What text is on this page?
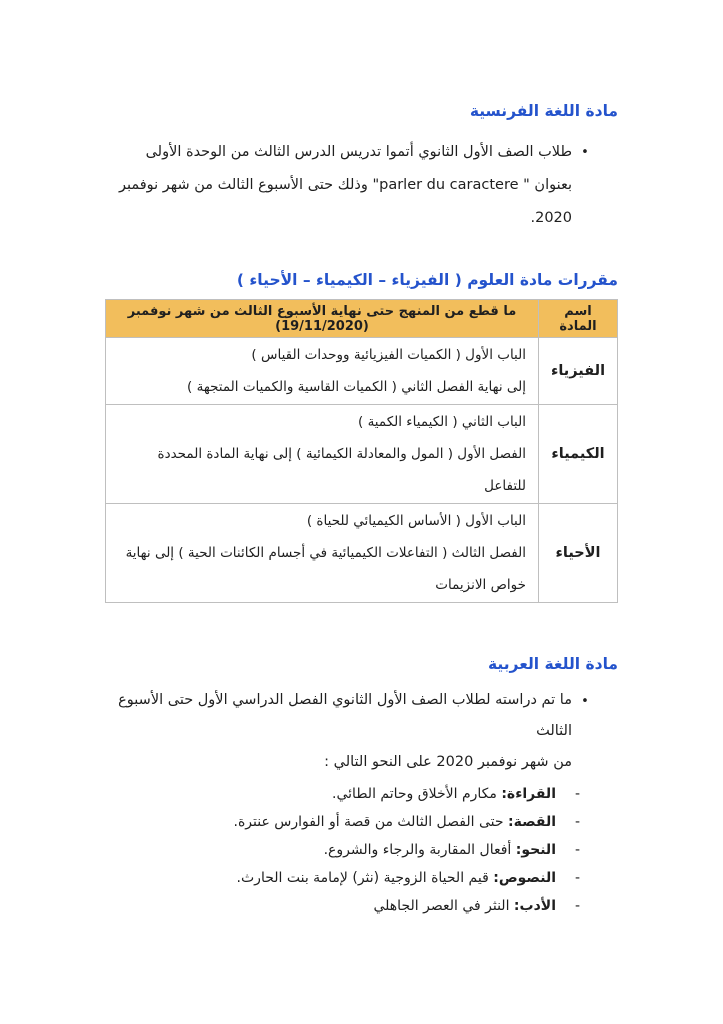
مادة اللغة الفرنسية
•
طلاب الصف الأول الثانوي أتموا تدريس الدرس الثالث من الوحدة الأولى
بعنوان " parler du caractere" وذلك حتى الأسبوع الثالث من شهر نوفمبر 2020.
مقررات مادة العلوم ( الفيزياء – الكيمياء – الأحياء )
اسم المادة	ما قطع من المنهج حتى نهاية الأسبوع الثالث من شهر نوفمبر (19/11/2020)
الفيزياء	الباب الأول ( الكميات الفيزيائية ووحدات القياس )
إلى نهاية الفصل الثاني ( الكميات القاسية والكميات المتجهة )

الكيمياء	الباب الثاني ( الكيمياء الكمية )
الفصل الأول ( المول والمعادلة الكيمائية ) إلى نهاية المادة المحددة للتفاعل

الأحياء	الباب الأول ( الأساس الكيميائي للحياة )
الفصل الثالث ( التفاعلات الكيميائية في أجسام الكائنات الحية ) إلى نهاية خواص الانزيمات
مادة اللغة العربية
•
ما تم دراسته لطلاب الصف الأول الثانوي الفصل الدراسي الأول حتى الأسبوع الثالث
من شهر نوفمبر 2020 على النحو التالي :
-
القراءة: مكارم الأخلاق وحاتم الطائي.
-
القصة: حتى الفصل الثالث من قصة أو الفوارس عنترة.
-
النحو: أفعال المقاربة والرجاء والشروع.
-
النصوص: قيم الحياة الزوجية (نثر) لإمامة بنت الحارث.
-
الأدب: النثر في العصر الجاهلي
